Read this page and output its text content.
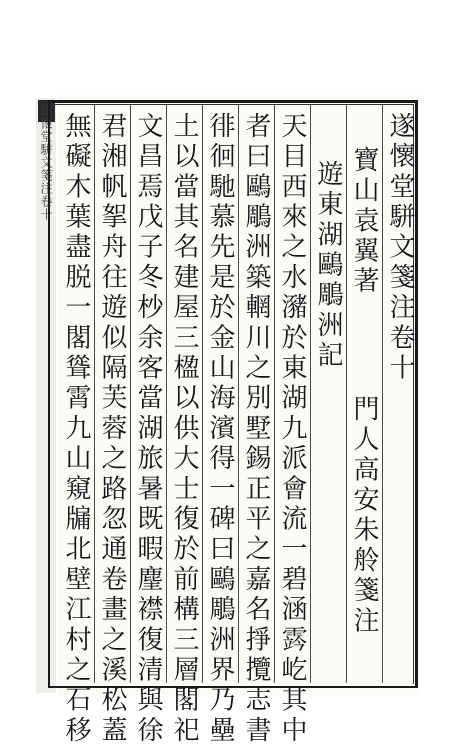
遂懷堂駢文箋注卷十	遂懷堂駢文箋注卷十
寶山袁翼著
門人高安朱舲箋注
遊東湖鷗鵰洲記
天目西來之水瀦於東湖九派會流一碧涵霠屹其中
者曰鷗鵰洲築輞川之別墅錫正平之嘉名掙攬志書
徘徊馳慕先是於金山海濱得一碑曰鷗鵰洲界乃壘
土以當其名建屋三楹以供大士復於前構三層閣祀
文昌焉戊子冬杪余客當湖旅暑既暇麈襟復清與徐
君湘帆挐舟往遊似隔芙蓉之路忽通卷畫之溪松蓋
無礙木葉盡脱一閣聳霄九山窺牖北壁江村之石移
